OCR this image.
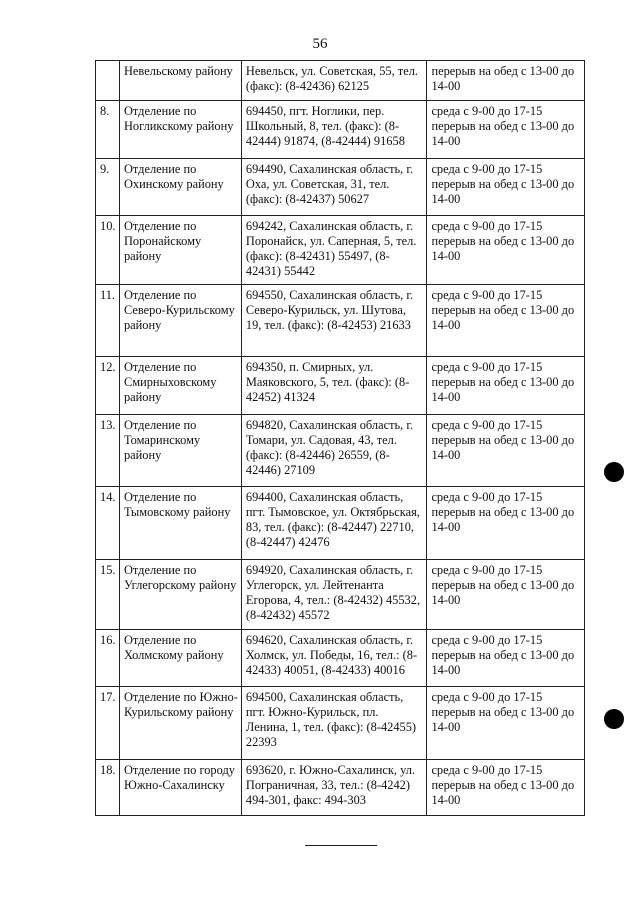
56
	Невельскому району	Невельск, ул. Советская, 55, тел. (факс): (8-42436) 62125	перерыв на обед с 13-00 до 14-00
8.	Отделение по Ногликскому району	694450, пгт. Ноглики, пер. Школьный, 8, тел. (факс): (8-42444) 91874, (8-42444) 91658	среда с 9-00 до 17-15 перерыв на обед с 13-00 до 14-00
9.	Отделение по Охинскому району	694490, Сахалинская область, г. Оха, ул. Советская, 31, тел. (факс): (8-42437) 50627	среда с 9-00 до 17-15 перерыв на обед с 13-00 до 14-00
10.	Отделение по Поронайскому району	694242, Сахалинская область, г. Поронайск, ул. Саперная, 5, тел. (факс): (8-42431) 55497, (8-42431) 55442	среда с 9-00 до 17-15 перерыв на обед с 13-00 до 14-00
11.	Отделение по Северо-Курильскому району	694550, Сахалинская область, г. Северо-Курильск, ул. Шутова, 19, тел. (факс): (8-42453) 21633	среда с 9-00 до 17-15 перерыв на обед с 13-00 до 14-00
12.	Отделение по Смирныховскому району	694350, п. Смирных, ул. Маяковского, 5, тел. (факс): (8-42452) 41324	среда с 9-00 до 17-15 перерыв на обед с 13-00 до 14-00
13.	Отделение по Томаринскому району	694820, Сахалинская область, г. Томари, ул. Садовая, 43, тел. (факс): (8-42446) 26559, (8-42446) 27109	среда с 9-00 до 17-15 перерыв на обед с 13-00 до 14-00
14.	Отделение по Тымовскому району	694400, Сахалинская область, пгт. Тымовское, ул. Октябрьская, 83, тел. (факс): (8-42447) 22710, (8-42447) 42476	среда с 9-00 до 17-15 перерыв на обед с 13-00 до 14-00
15.	Отделение по Углегорскому району	694920, Сахалинская область, г. Углегорск, ул. Лейтенанта Егорова, 4, тел.: (8-42432) 45532, (8-42432) 45572	среда с 9-00 до 17-15 перерыв на обед с 13-00 до 14-00
16.	Отделение по Холмскому району	694620, Сахалинская область, г. Холмск, ул. Победы, 16, тел.: (8-42433) 40051, (8-42433) 40016	среда с 9-00 до 17-15 перерыв на обед с 13-00 до 14-00
17.	Отделение по Южно-Курильскому району	694500, Сахалинская область, пгт. Южно-Курильск, пл. Ленина, 1, тел. (факс): (8-42455) 22393	среда с 9-00 до 17-15 перерыв на обед с 13-00 до 14-00
18.	Отделение по городу Южно-Сахалинску	693620, г. Южно-Сахалинск, ул. Пограничная, 33, тел.: (8-4242) 494-301, факс: 494-303	среда с 9-00 до 17-15 перерыв на обед с 13-00 до 14-00
